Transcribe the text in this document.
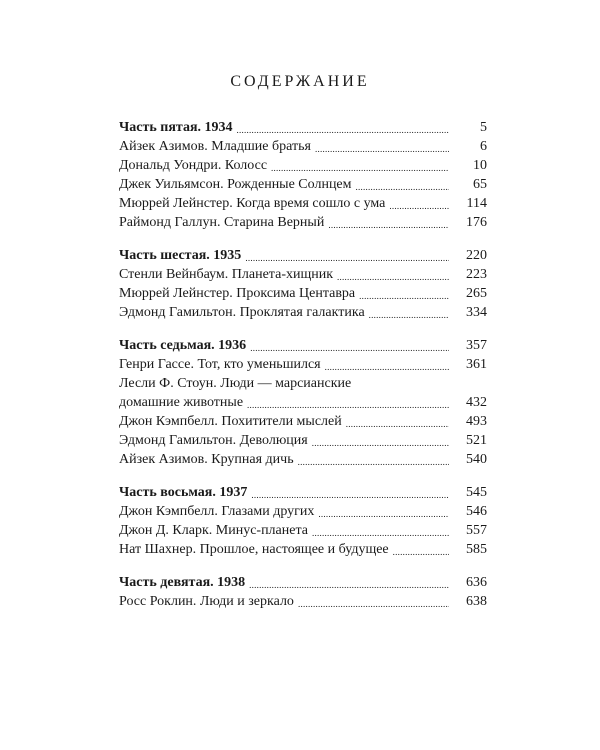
СОДЕРЖАНИЕ
Часть пятая. 1934 . . .	5
Айзек Азимов. Младшие братья . . .	6
Дональд Уондри. Колосс . . .	10
Джек Уильямсон. Рожденные Солнцем . . .	65
Мюррей Лейнстер. Когда время сошло с ума . . .	114
Раймонд Галлун. Старина Верный . . .	176
Часть шестая. 1935 . . .	220
Стенли Вейнбаум. Планета-хищник . . .	223
Мюррей Лейнстер. Проксима Центавра . . .	265
Эдмонд Гамильтон. Проклятая галактика . . .	334
Часть седьмая. 1936 . . .	357
Генри Гассе. Тот, кто уменьшился . . .	361
Лесли Ф. Стоун. Люди — марсианские
домашние животные . . .	432
Джон Кэмпбелл. Похитители мыслей . . .	493
Эдмонд Гамильтон. Деволюция . . .	521
Айзек Азимов. Крупная дичь . . .	540
Часть восьмая. 1937 . . .	545
Джон Кэмпбелл. Глазами других . . .	546
Джон Д. Кларк. Минус-планета . . .	557
Нат Шахнер. Прошлое, настоящее и будущее . . .	585
Часть девятая. 1938 . . .	636
Росс Роклин. Люди и зеркало . . .	638
